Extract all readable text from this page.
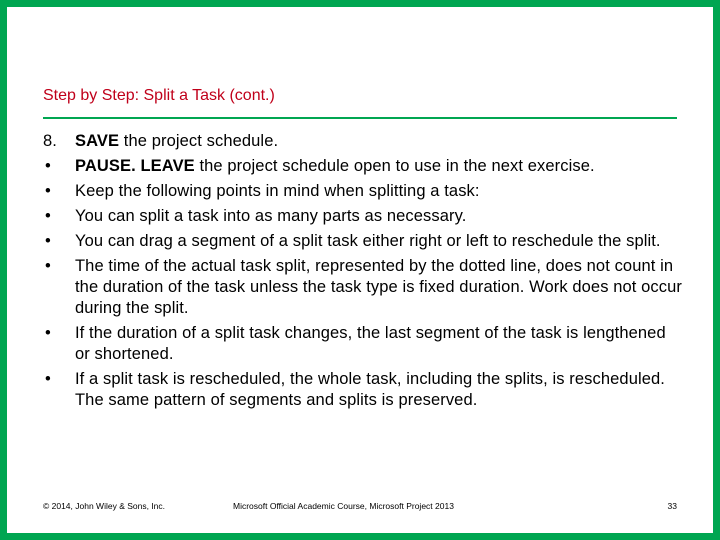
Step by Step: Split a Task (cont.)
8.	SAVE the project schedule.
•	PAUSE. LEAVE the project schedule open to use in the next exercise.
•	Keep the following points in mind when splitting a task:
•	You can split a task into as many parts as necessary.
•	You can drag a segment of a split task either right or left to reschedule the split.
•	The time of the actual task split, represented by the dotted line, does not count in the duration of the task unless the task type is fixed duration. Work does not occur during the split.
•	If the duration of a split task changes, the last segment of the task is lengthened or shortened.
•	If a split task is rescheduled, the whole task, including the splits, is rescheduled. The same pattern of segments and splits is preserved.
© 2014, John Wiley & Sons, Inc.	Microsoft Official Academic Course, Microsoft Project 2013	33
